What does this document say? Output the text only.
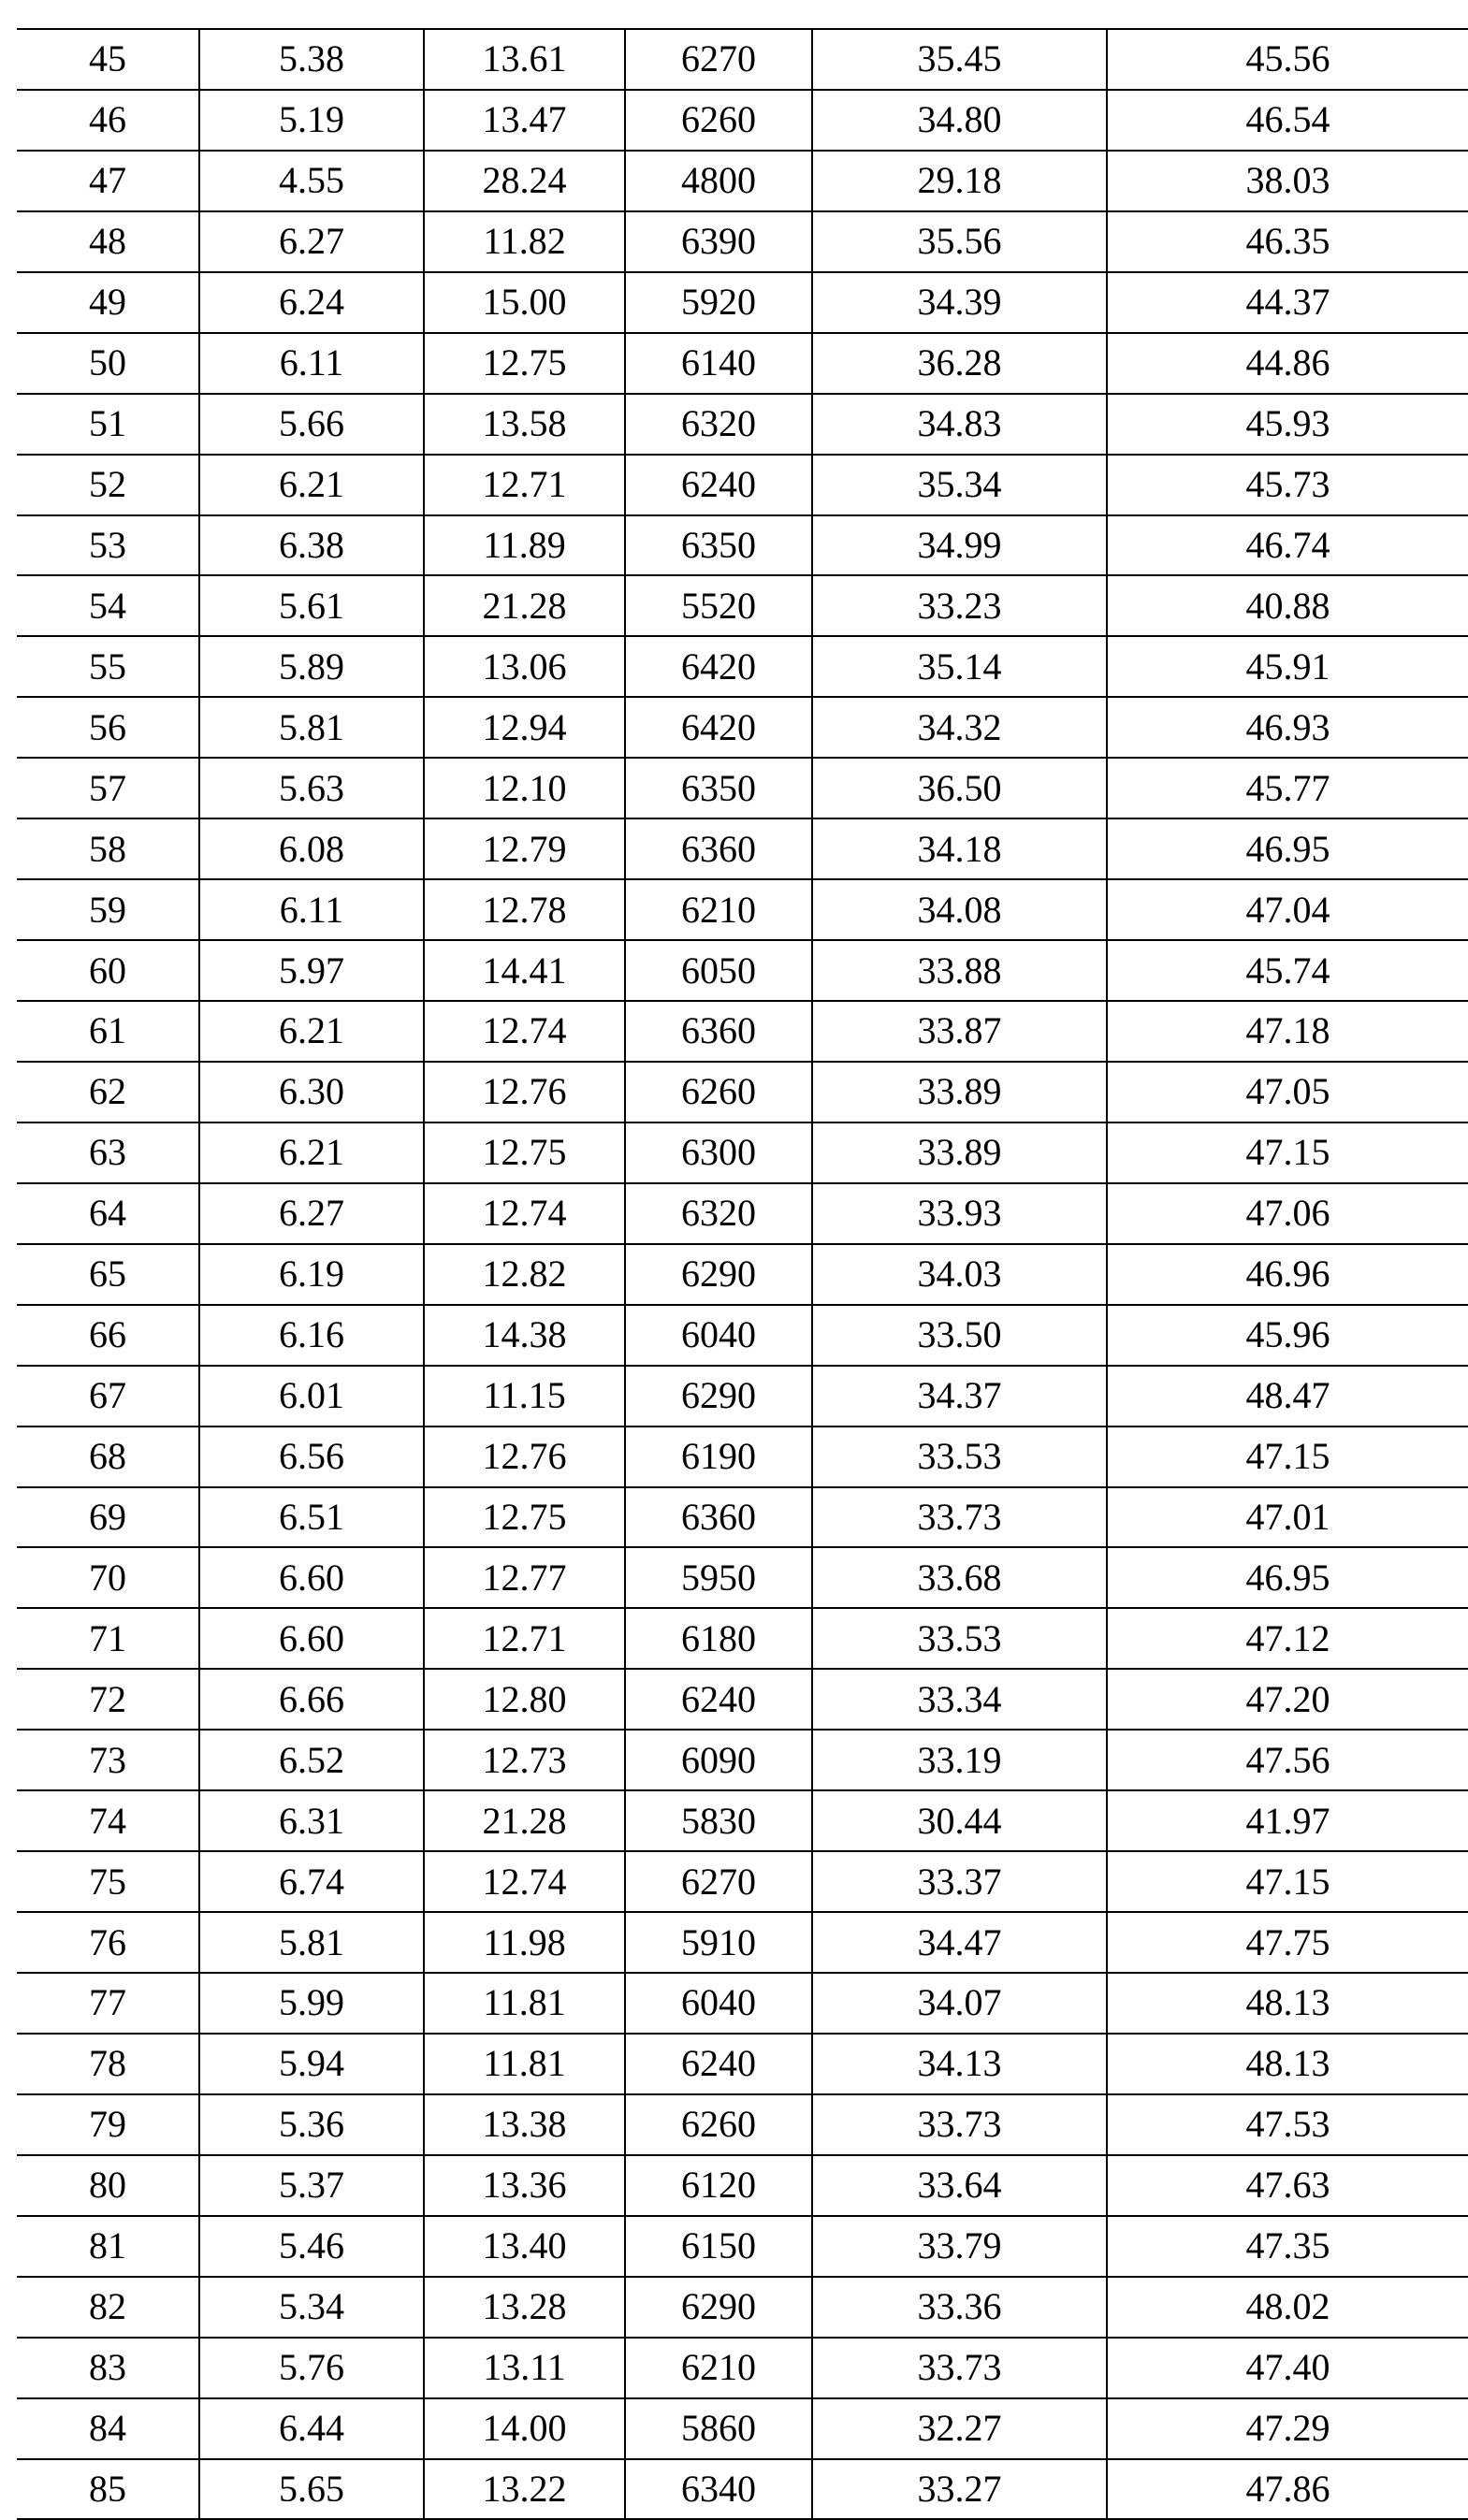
45	5.38	13.61	6270	35.45	45.56
46	5.19	13.47	6260	34.80	46.54
47	4.55	28.24	4800	29.18	38.03
48	6.27	11.82	6390	35.56	46.35
49	6.24	15.00	5920	34.39	44.37
50	6.11	12.75	6140	36.28	44.86
51	5.66	13.58	6320	34.83	45.93
52	6.21	12.71	6240	35.34	45.73
53	6.38	11.89	6350	34.99	46.74
54	5.61	21.28	5520	33.23	40.88
55	5.89	13.06	6420	35.14	45.91
56	5.81	12.94	6420	34.32	46.93
57	5.63	12.10	6350	36.50	45.77
58	6.08	12.79	6360	34.18	46.95
59	6.11	12.78	6210	34.08	47.04
60	5.97	14.41	6050	33.88	45.74
61	6.21	12.74	6360	33.87	47.18
62	6.30	12.76	6260	33.89	47.05
63	6.21	12.75	6300	33.89	47.15
64	6.27	12.74	6320	33.93	47.06
65	6.19	12.82	6290	34.03	46.96
66	6.16	14.38	6040	33.50	45.96
67	6.01	11.15	6290	34.37	48.47
68	6.56	12.76	6190	33.53	47.15
69	6.51	12.75	6360	33.73	47.01
70	6.60	12.77	5950	33.68	46.95
71	6.60	12.71	6180	33.53	47.12
72	6.66	12.80	6240	33.34	47.20
73	6.52	12.73	6090	33.19	47.56
74	6.31	21.28	5830	30.44	41.97
75	6.74	12.74	6270	33.37	47.15
76	5.81	11.98	5910	34.47	47.75
77	5.99	11.81	6040	34.07	48.13
78	5.94	11.81	6240	34.13	48.13
79	5.36	13.38	6260	33.73	47.53
80	5.37	13.36	6120	33.64	47.63
81	5.46	13.40	6150	33.79	47.35
82	5.34	13.28	6290	33.36	48.02
83	5.76	13.11	6210	33.73	47.40
84	6.44	14.00	5860	32.27	47.29
85	5.65	13.22	6340	33.27	47.86
